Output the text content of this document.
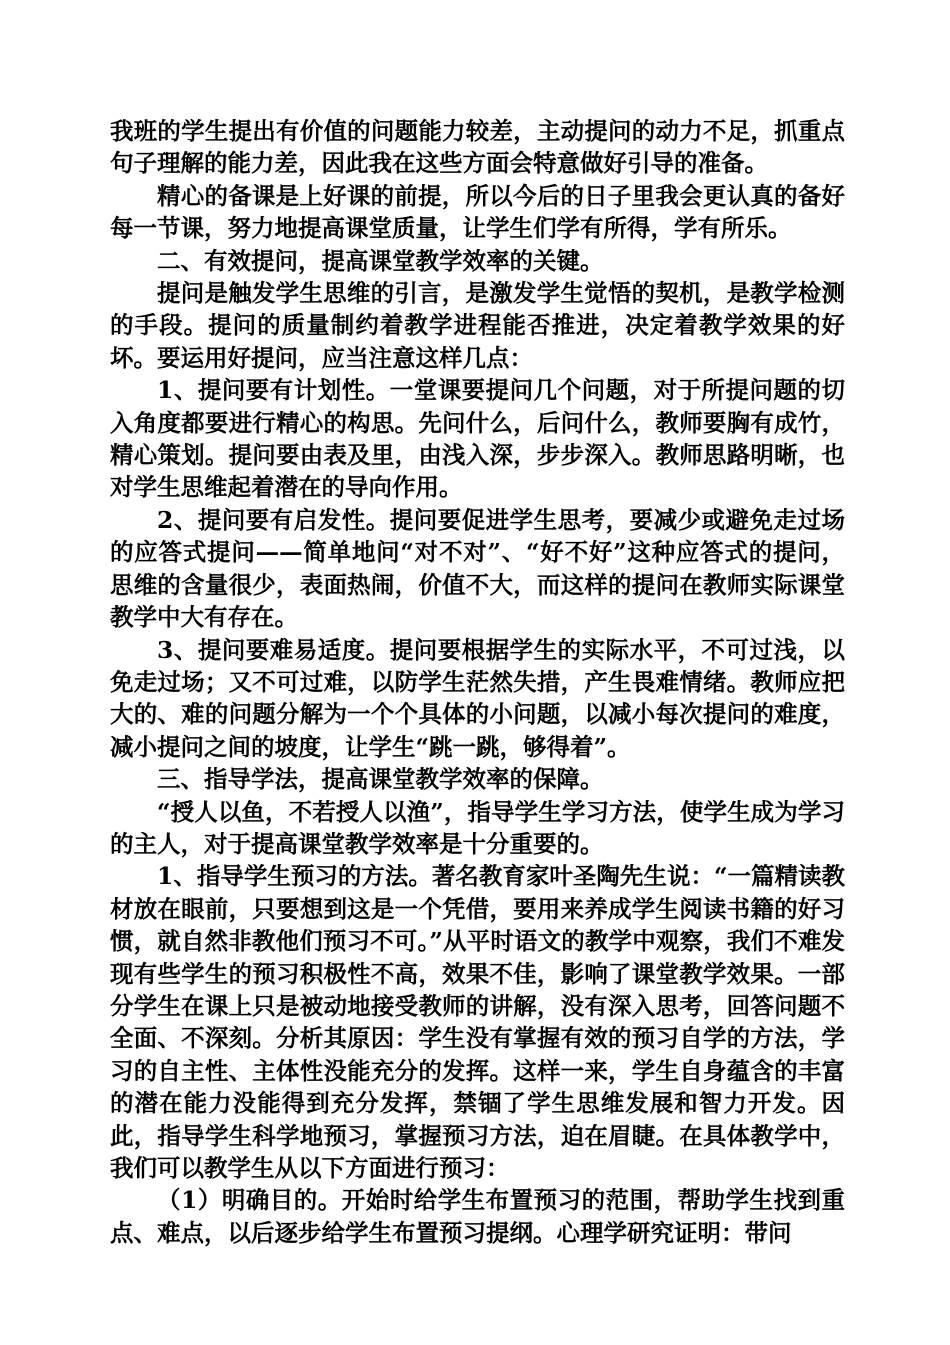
我班的学生提出有价值的问题能力较差，主动提问的动力不足，抓重点句子理解的能力差，因此我在这些方面会特意做好引导的准备。

精心的备课是上好课的前提，所以今后的日子里我会更认真的备好每一节课，努力地提高课堂质量，让学生们学有所得，学有所乐。

二、有效提问，提高课堂教学效率的关键。

提问是触发学生思维的引言，是激发学生觉悟的契机，是教学检测的手段。提问的质量制约着教学进程能否推进，决定着教学效果的好坏。要运用好提问，应当注意这样几点：

1、提问要有计划性。一堂课要提问几个问题，对于所提问题的切入角度都要进行精心的构思。先问什么，后问什么，教师要胸有成竹，精心策划。提问要由表及里，由浅入深，步步深入。教师思路明晰，也对学生思维起着潜在的导向作用。

2、提问要有启发性。提问要促进学生思考，要减少或避免走过场的应答式提问——简单地问“对不对”、“好不好”这种应答式的提问，思维的含量很少，表面热闹，价值不大，而这样的提问在教师实际课堂教学中大有存在。

3、提问要难易适度。提问要根据学生的实际水平，不可过浅，以免走过场；又不可过难，以防学生茫然失措，产生畏难情绪。教师应把大的、难的问题分解为一个个具体的小问题，以减小每次提问的难度，减小提问之间的坡度，让学生“跳一跳，够得着”。

三、指导学法，提高课堂教学效率的保障。

“授人以鱼，不若授人以渔”，指导学生学习方法，使学生成为学习的主人，对于提高课堂教学效率是十分重要的。

1、指导学生预习的方法。著名教育家叶圣陶先生说：“一篇精读教材放在眼前，只要想到这是一个凭借，要用来养成学生阅读书籍的好习惯，就自然非教他们预习不可。”从平时语文的教学中观察，我们不难发现有些学生的预习积极性不高，效果不佳，影响了课堂教学效果。一部分学生在课上只是被动地接受教师的讲解，没有深入思考，回答问题不全面、不深刻。分析其原因：学生没有掌握有效的预习自学的方法，学习的自主性、主体性没能充分的发挥。这样一来，学生自身蕴含的丰富的潜在能力没能得到充分发挥，禁锢了学生思维发展和智力开发。因此，指导学生科学地预习，掌握预习方法，迫在眉睫。在具体教学中，我们可以教学生从以下方面进行预习：

（1）明确目的。开始时给学生布置预习的范围，帮助学生找到重点、难点，以后逐步给学生布置预习提纲。心理学研究证明：带问
